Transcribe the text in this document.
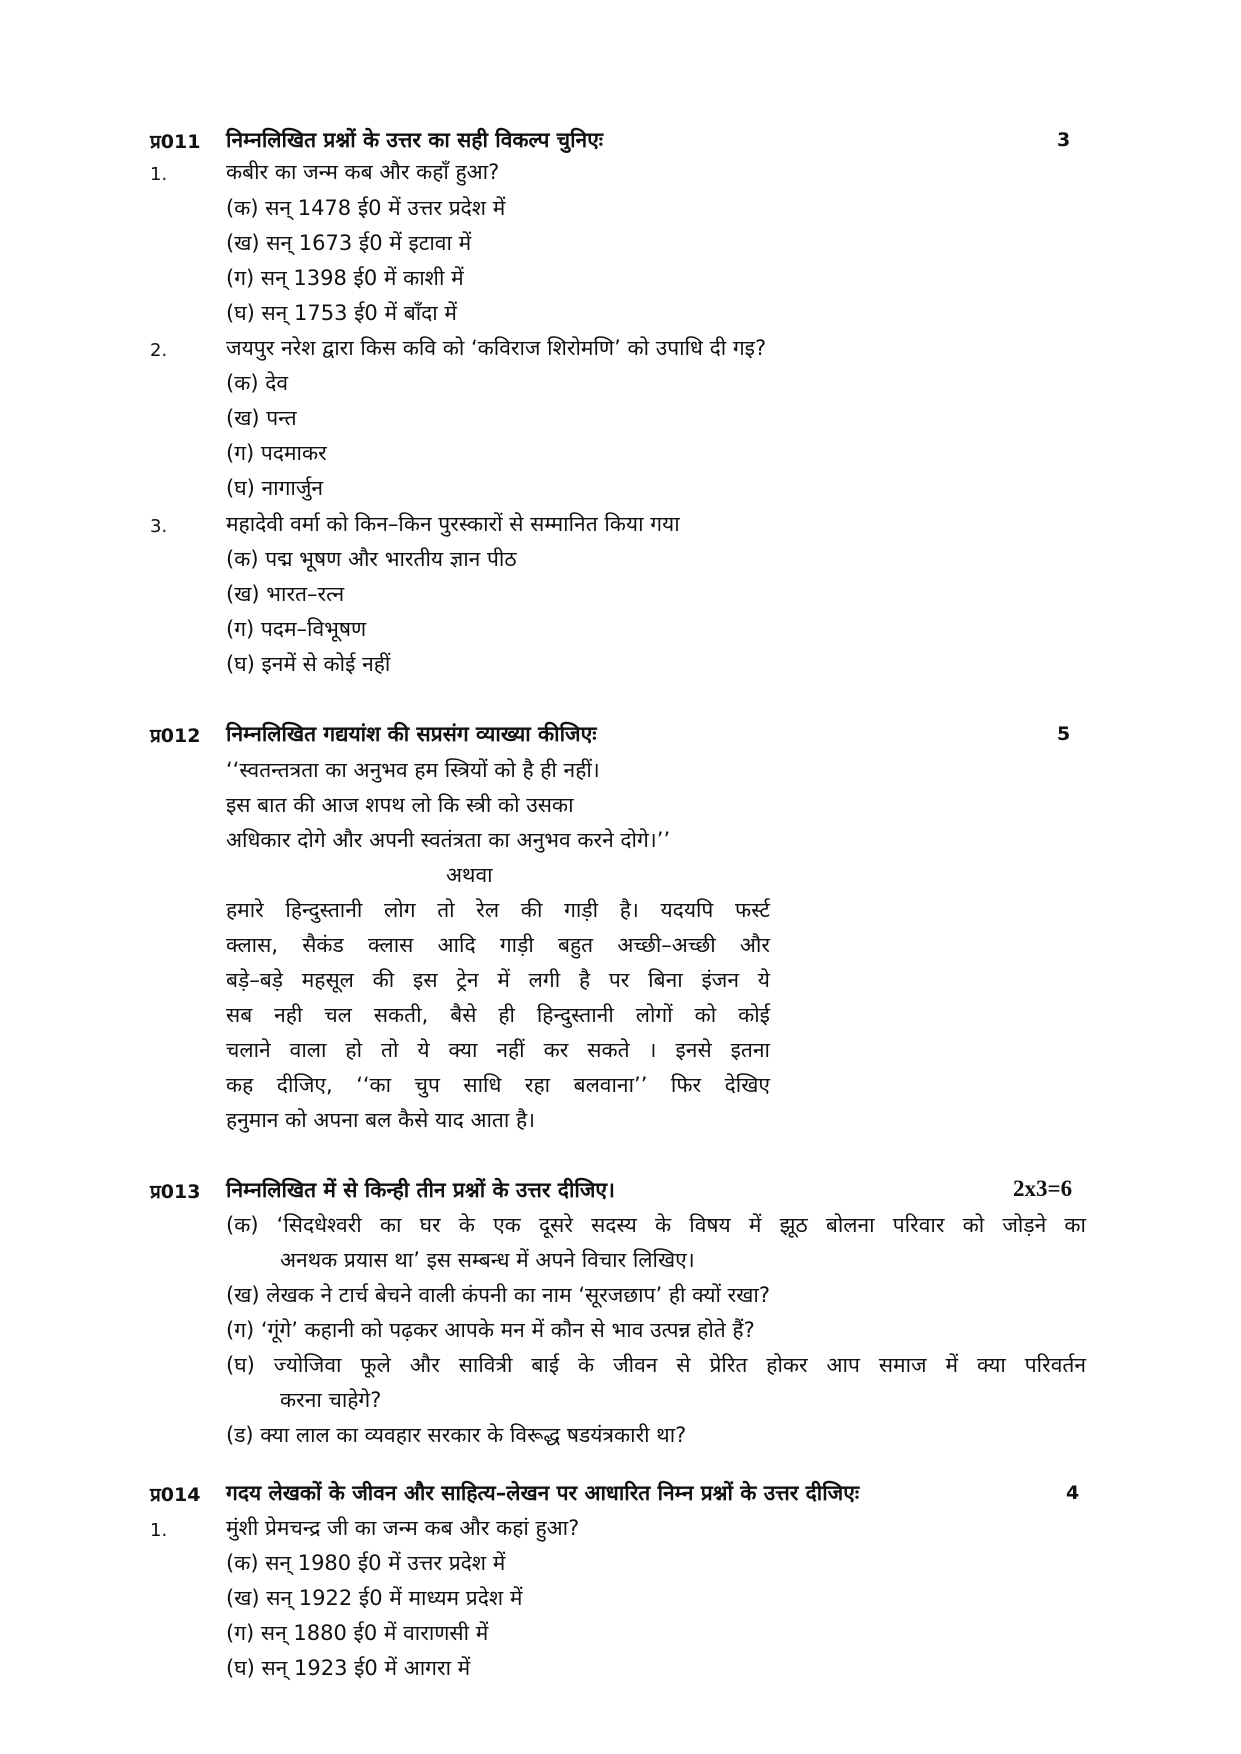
प्र011 निम्नलिखित प्रश्नों के उत्तर का सही विकल्प चुनिएः	3
1.	कबीर का जन्म कब और कहाँ हुआ?
(क) सन् 1478 ई0 में उत्तर प्रदेश में
(ख) सन् 1673 ई0 में इटावा में
(ग) सन् 1398 ई0 में काशी में
(घ) सन् 1753 ई0 में बाँदा में
2.	जयपुर नरेश द्वारा किस कवि को ‘कविराज शिरोमणि’ को उपाधि दी गइ?
(क) देव
(ख) पन्त
(ग) पदमाकर
(घ) नागार्जुन
3.	महादेवी वर्मा को किन–किन पुरस्कारों से सम्मानित किया गया
(क) पद्म भूषण और भारतीय ज्ञान पीठ
(ख) भारत–रत्न
(ग) पदम–विभूषण
(घ) इनमें से कोई नहीं
प्र012 निम्नलिखित गद्ययांश की सप्रसंग व्याख्या कीजिएः	5
‘‘स्वतन्तत्रता का अनुभव हम स्त्रियों को है ही नहीं।
इस बात की आज शपथ लो कि स्त्री को उसका
अधिकार दोगे और अपनी स्वतंत्रता का अनुभव करने दोगे।’’
अथवा
हमारे हिन्दुस्तानी लोग तो रेल की गाड़ी है। यदयपि फर्स्ट
क्लास, सैकंड क्लास आदि गाड़ी बहुत अच्छी–अच्छी और
बड़े–बड़े महसूल की इस ट्रेन में लगी है पर बिना इंजन ये
सब नही चल सकती, बैसे ही हिन्दुस्तानी लोगों को कोई
चलाने वाला हो तो ये क्या नहीं कर सकते । इनसे इतना
कह दीजिए, ‘‘का चुप साधि रहा बलवाना’’ फिर देखिए
हनुमान को अपना बल कैसे याद आता है।
प्र013 निम्नलिखित में से किन्ही तीन प्रश्नों के उत्तर दीजिए।	2x3=6
(क) ‘सिदधेश्वरी का घर के एक दूसरे सदस्य के विषय में झूठ बोलना परिवार को जोड़ने का
अनथक प्रयास था’ इस सम्बन्ध में अपने विचार लिखिए।
(ख) लेखक ने टार्च बेचने वाली कंपनी का नाम ‘सूरजछाप’ ही क्यों रखा?
(ग) ‘गूंगे’ कहानी को पढ़कर आपके मन में कौन से भाव उत्पन्न होते हैं?
(घ) ज्योजिवा फूले और सावित्री बाई के जीवन से प्रेरित होकर आप समाज में क्या परिवर्तन
करना चाहेगे?
(ड) क्या लाल का व्यवहार सरकार के विरूद्ध षडयंत्रकारी था?
प्र014 गदय लेखकों के जीवन और साहित्य–लेखन पर आधारित निम्न प्रश्नों के उत्तर दीजिएः	4
1.	मुंशी प्रेमचन्द्र जी का जन्म कब और कहां हुआ?
(क) सन् 1980 ई0 में उत्तर प्रदेश में
(ख) सन् 1922 ई0 में माध्यम प्रदेश में
(ग) सन् 1880 ई0 में वाराणसी में
(घ) सन् 1923 ई0 में आगरा में
